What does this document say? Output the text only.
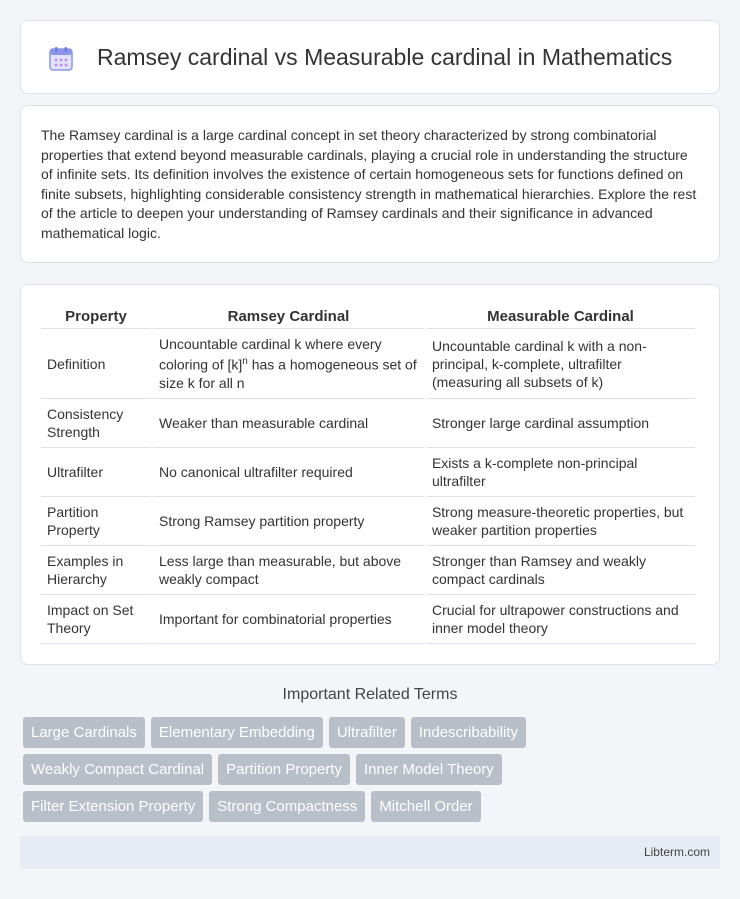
Ramsey cardinal vs Measurable cardinal in Mathematics

The Ramsey cardinal is a large cardinal concept in set theory characterized by strong combinatorial properties that extend beyond measurable cardinals, playing a crucial role in understanding the structure of infinite sets. Its definition involves the existence of certain homogeneous sets for functions defined on finite subsets, highlighting considerable consistency strength in mathematical hierarchies. Explore the rest of the article to deepen your understanding of Ramsey cardinals and their significance in advanced mathematical logic.

Property	Ramsey Cardinal	Measurable Cardinal
Definition	Uncountable cardinal k where every coloring of $[k]^n$ has a homogeneous set of size k for all n	Uncountable cardinal k with a non-principal, k-complete, ultrafilter (measuring all subsets of k)
Consistency Strength	Weaker than measurable cardinal	Stronger large cardinal assumption
Ultrafilter	No canonical ultrafilter required	Exists a k-complete non-principal ultrafilter
Partition Property	Strong Ramsey partition property	Strong measure-theoretic properties, but weaker partition properties
Examples in Hierarchy	Less large than measurable, but above weakly compact	Stronger than Ramsey and weakly compact cardinals
Impact on Set Theory	Important for combinatorial properties	Crucial for ultrapower constructions and inner model theory
Important Related Terms
Large Cardinals	Elementary Embedding	Ultrafilter	Indescribability
Weakly Compact Cardinal	Partition Property	Inner Model Theory
Filter Extension Property	Strong Compactness	Mitchell Order
Libterm.com
